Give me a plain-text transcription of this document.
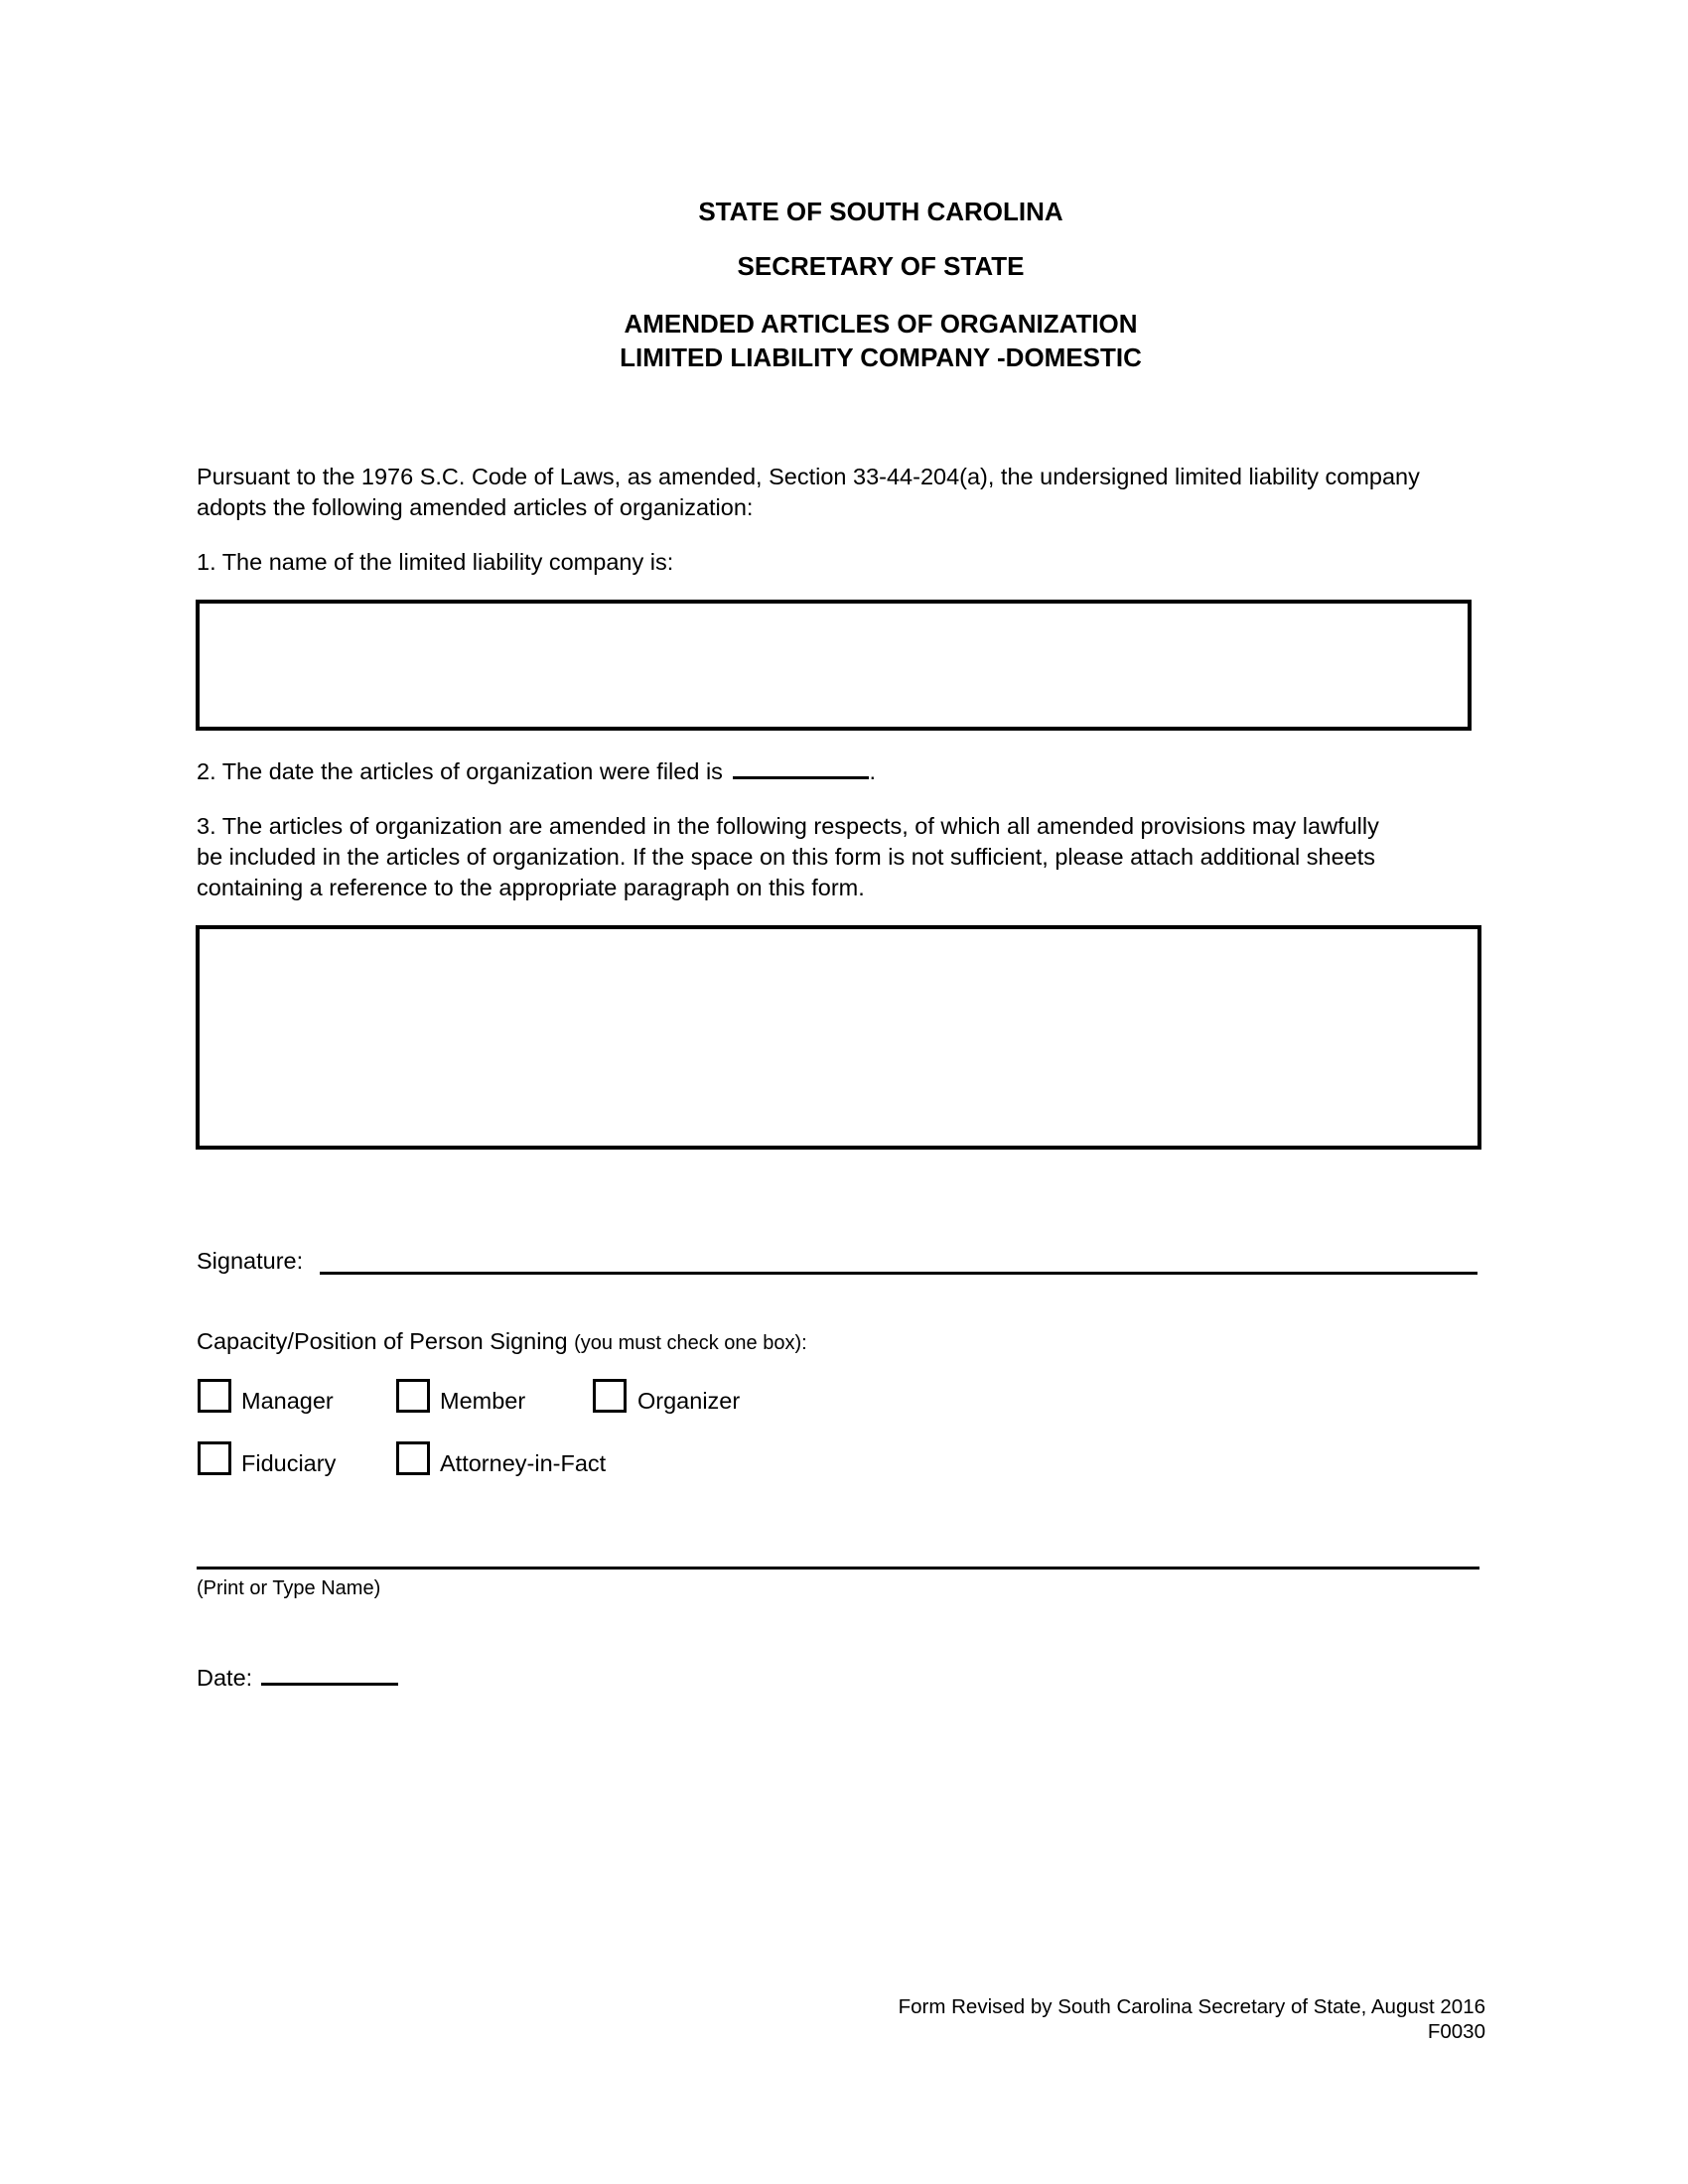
STATE OF SOUTH CAROLINA
SECRETARY OF STATE
AMENDED ARTICLES OF ORGANIZATION
LIMITED LIABILITY COMPANY -DOMESTIC
Pursuant to the 1976 S.C. Code of Laws, as amended, Section 33-44-204(a), the undersigned limited liability company
adopts the following amended articles of organization:
1. The name of the limited liability company is:
2. The date the articles of organization were filed is	.
3. The articles of organization are amended in the following respects, of which all amended provisions may lawfully
be included in the articles of organization. If the space on this form is not sufficient, please attach additional sheets
containing a reference to the appropriate paragraph on this form.
Signature:
Capacity/Position of Person Signing (you must check one box):
Manager	Member	Organizer
Fiduciary	Attorney-in-Fact
(Print or Type Name)
Date:
Form Revised by South Carolina Secretary of State, August 2016
F0030
